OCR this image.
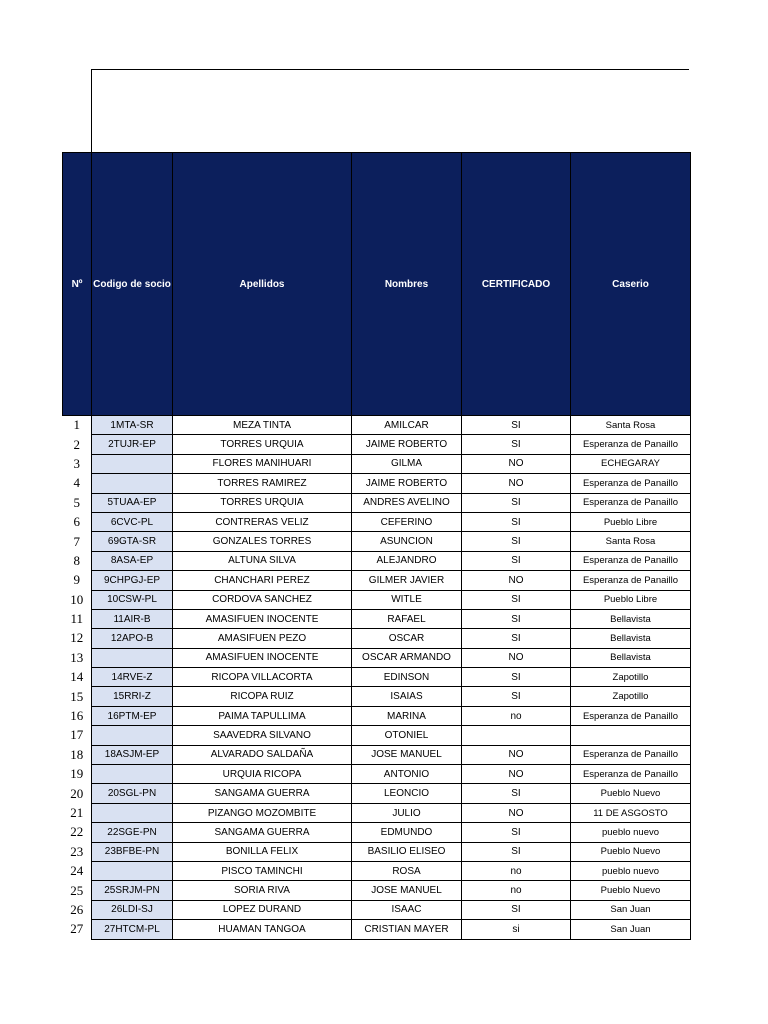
Nº	Codigo de socio	Apellidos	Nombres	CERTIFICADO	Caserio
1	1MTA-SR	MEZA TINTA	AMILCAR	SI	Santa Rosa
2	2TUJR-EP	TORRES URQUIA	JAIME ROBERTO	SI	Esperanza de Panaillo
3		FLORES MANIHUARI	GILMA	NO	ECHEGARAY
4		TORRES RAMIREZ	JAIME ROBERTO	NO	Esperanza de Panaillo
5	5TUAA-EP	TORRES URQUIA	ANDRES AVELINO	SI	Esperanza de Panaillo
6	6CVC-PL	CONTRERAS VELIZ	CEFERINO	SI	Pueblo Libre
7	69GTA-SR	GONZALES TORRES	ASUNCION	SI	Santa Rosa
8	8ASA-EP	ALTUNA SILVA	ALEJANDRO	SI	Esperanza de Panaillo
9	9CHPGJ-EP	CHANCHARI PEREZ	GILMER JAVIER	NO	Esperanza de Panaillo
10	10CSW-PL	CORDOVA SANCHEZ	WITLE	SI	Pueblo Libre
11	11AIR-B	AMASIFUEN INOCENTE	RAFAEL	SI	Bellavista
12	12APO-B	AMASIFUEN PEZO	OSCAR	SI	Bellavista
13		AMASIFUEN INOCENTE	OSCAR ARMANDO	NO	Bellavista
14	14RVE-Z	RICOPA VILLACORTA	EDINSON	SI	Zapotillo
15	15RRI-Z	RICOPA RUIZ	ISAIAS	SI	Zapotillo
16	16PTM-EP	PAIMA TAPULLIMA	MARINA	no	Esperanza de Panaillo
17		SAAVEDRA SILVANO	OTONIEL		
18	18ASJM-EP	ALVARADO SALDAÑA	JOSE MANUEL	NO	Esperanza de Panaillo
19		URQUIA RICOPA	ANTONIO	NO	Esperanza de Panaillo
20	20SGL-PN	SANGAMA GUERRA	LEONCIO	SI	Pueblo Nuevo
21		PIZANGO MOZOMBITE	JULIO	NO	11 DE ASGOSTO
22	22SGE-PN	SANGAMA GUERRA	EDMUNDO	SI	pueblo nuevo
23	23BFBE-PN	BONILLA FELIX	BASILIO ELISEO	SI	Pueblo Nuevo
24		PISCO TAMINCHI	ROSA	no	pueblo nuevo
25	25SRJM-PN	SORIA RIVA	JOSE MANUEL	no	Pueblo Nuevo
26	26LDI-SJ	LOPEZ DURAND	ISAAC	SI	San Juan
27	27HTCM-PL	HUAMAN TANGOA	CRISTIAN MAYER	si	San Juan
